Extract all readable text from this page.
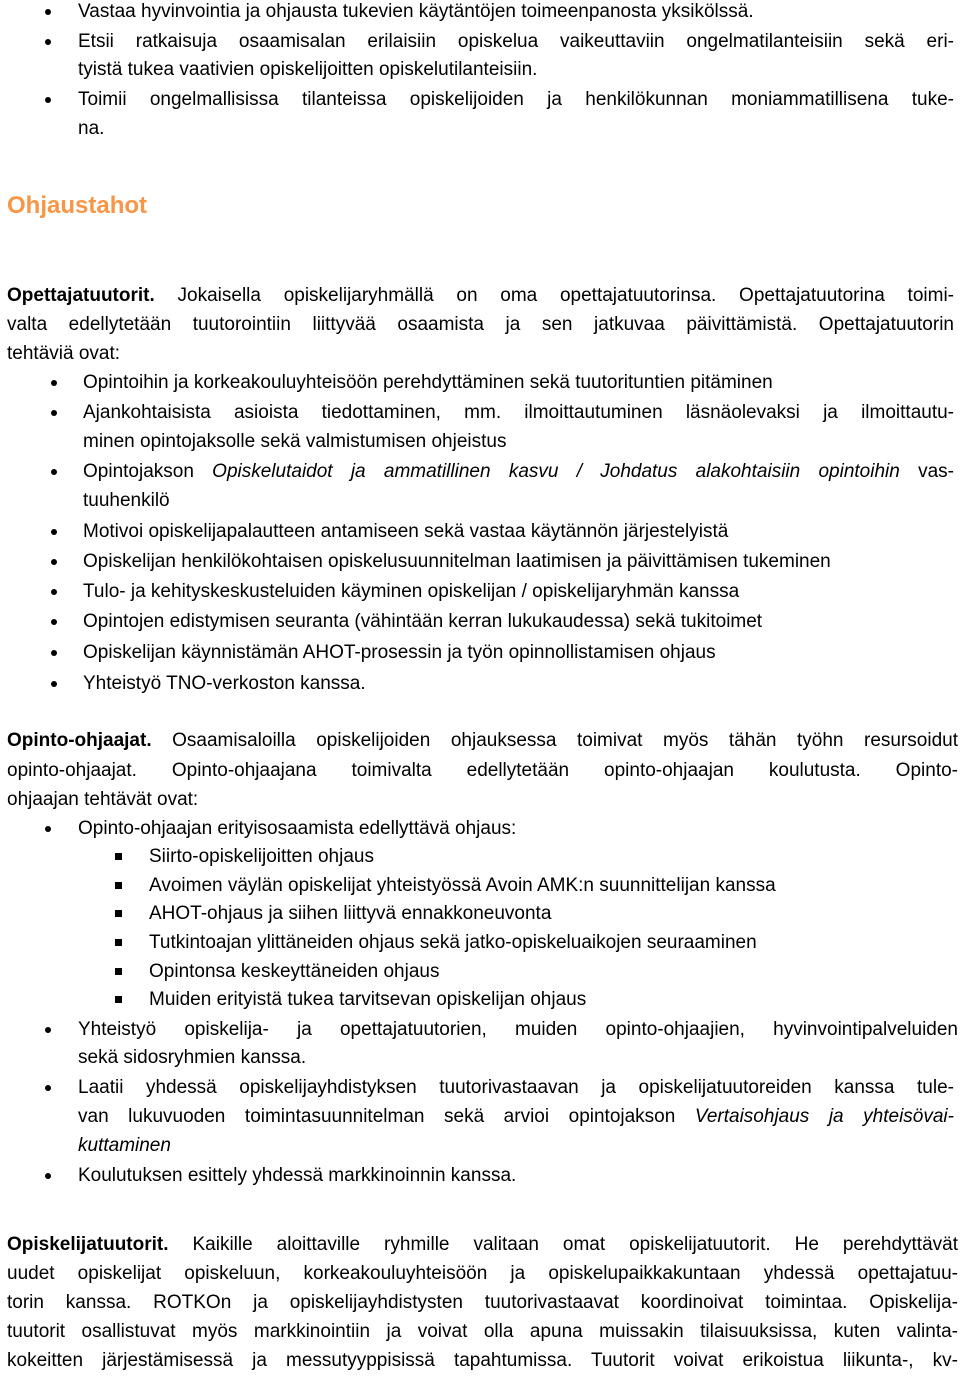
Vastaa hyvinvointia ja ohjausta tukevien käytäntöjen toimeenpanosta yksikölssä.
Etsii ratkaisuja osaamisalan erilaisiin opiskelua vaikeuttaviin ongelmatilanteisiin sekä eri-
tyistä tukea vaativien opiskelijoitten opiskelutilanteisiin.
Toimii ongelmallisissa tilanteissa opiskelijoiden ja henkilökunnan moniammatillisena tuke-
na.
Ohjaustahot
Opettajatuutorit. Jokaisella opiskelijaryhmällä on oma opettajatuutorinsa. Opettajatuutorina toimi-
valta edellytetään tuutorointiin liittyvää osaamista ja sen jatkuvaa päivittämistä. Opettajatuutorin
tehtäviä ovat:
Opintoihin ja korkeakouluyhteisöön perehdyttäminen sekä tuutorituntien pitäminen
Ajankohtaisista asioista tiedottaminen, mm. ilmoittautuminen läsnäolevaksi ja ilmoittautu-
minen opintojaksolle sekä valmistumisen ohjeistus
Opintojakson Opiskelutaidot ja ammatillinen kasvu / Johdatus alakohtaisiin opintoihin vas-
tuuhenkilö
Motivoi opiskelijapalautteen antamiseen sekä vastaa käytännön järjestelyistä
Opiskelijan henkilökohtaisen opiskelusuunnitelman laatimisen ja päivittämisen tukeminen
Tulo- ja kehityskeskusteluiden käyminen opiskelijan / opiskelijaryhmän kanssa
Opintojen edistymisen seuranta (vähintään kerran lukukaudessa) sekä tukitoimet
Opiskelijan käynnistämän AHOT-prosessin ja työn opinnollistamisen ohjaus
Yhteistyö TNO-verkoston kanssa.
Opinto-ohjaajat. Osaamisaloilla opiskelijoiden ohjauksessa toimivat myös tähän työhn resursoidut
opinto-ohjaajat. Opinto-ohjaajana toimivalta edellytetään opinto-ohjaajan koulutusta. Opinto-
ohjaajan tehtävät ovat:
Opinto-ohjaajan erityisosaamista edellyttävä ohjaus:
Siirto-opiskelijoitten ohjaus
Avoimen väylän opiskelijat yhteistyössä Avoin AMK:n suunnittelijan kanssa
AHOT-ohjaus ja siihen liittyvä ennakkoneuvonta
Tutkintoajan ylittäneiden ohjaus sekä jatko-opiskeluaikojen seuraaminen
Opintonsa keskeyttäneiden ohjaus
Muiden erityistä tukea tarvitsevan opiskelijan ohjaus
Yhteistyö opiskelija- ja opettajatuutorien, muiden opinto-ohjaajien, hyvinvointipalveluiden
sekä sidosryhmien kanssa.
Laatii yhdessä opiskelijayhdistyksen tuutorivastaavan ja opiskelijatuutoreiden kanssa tule-
van lukuvuoden toimintasuunnitelman sekä arvioi opintojakson Vertaisohjaus ja yhteisövai-
kuttaminen
Koulutuksen esittely yhdessä markkinoinnin kanssa.
Opiskelijatuutorit. Kaikille aloittaville ryhmille valitaan omat opiskelijatuutorit. He perehdyttävät
uudet opiskelijat opiskeluun, korkeakouluyhteisöön ja opiskelupaikkakuntaan yhdessä opettajatuu-
torin kanssa. ROTKOn ja opiskelijayhdistysten tuutorivastaavat koordinoivat toimintaa. Opiskelija-
tuutorit osallistuvat myös markkinointiin ja voivat olla apuna muissakin tilaisuuksissa, kuten valinta-
kokeitten järjestämisessä ja messutyyppisissä tapahtumissa. Tuutorit voivat erikoistua liikunta-, kv-
